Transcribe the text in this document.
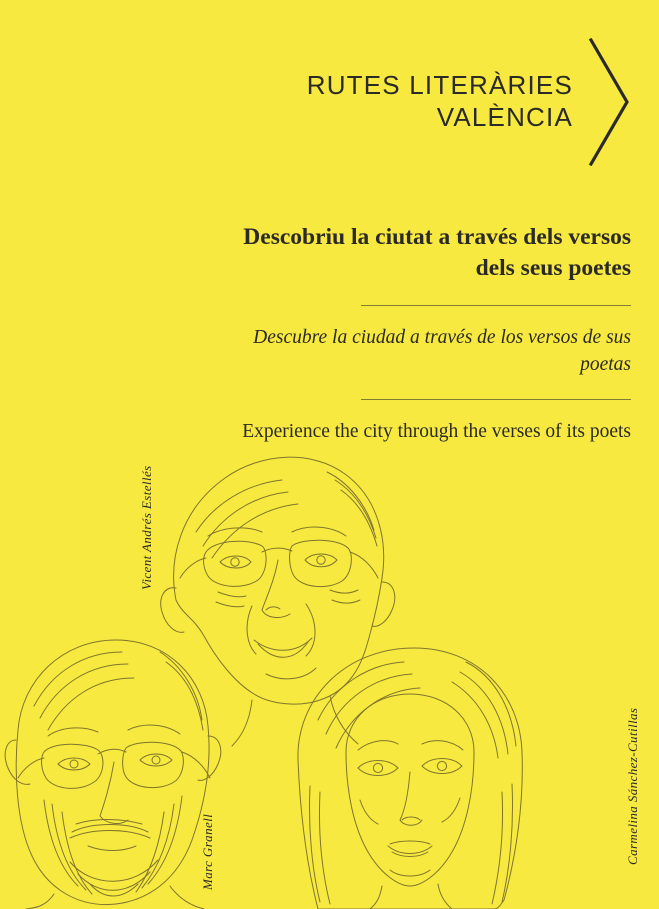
RUTES LITERÀRIES
VALÈNCIA
Descobriu la ciutat a través dels versos dels seus poetes

Descubre la ciudad a través de los versos de sus poetas

Experience the city through the verses of its poets

Vicent Andrés Estellés
Marc Granell	Carmelina Sánchez-Cutillas
